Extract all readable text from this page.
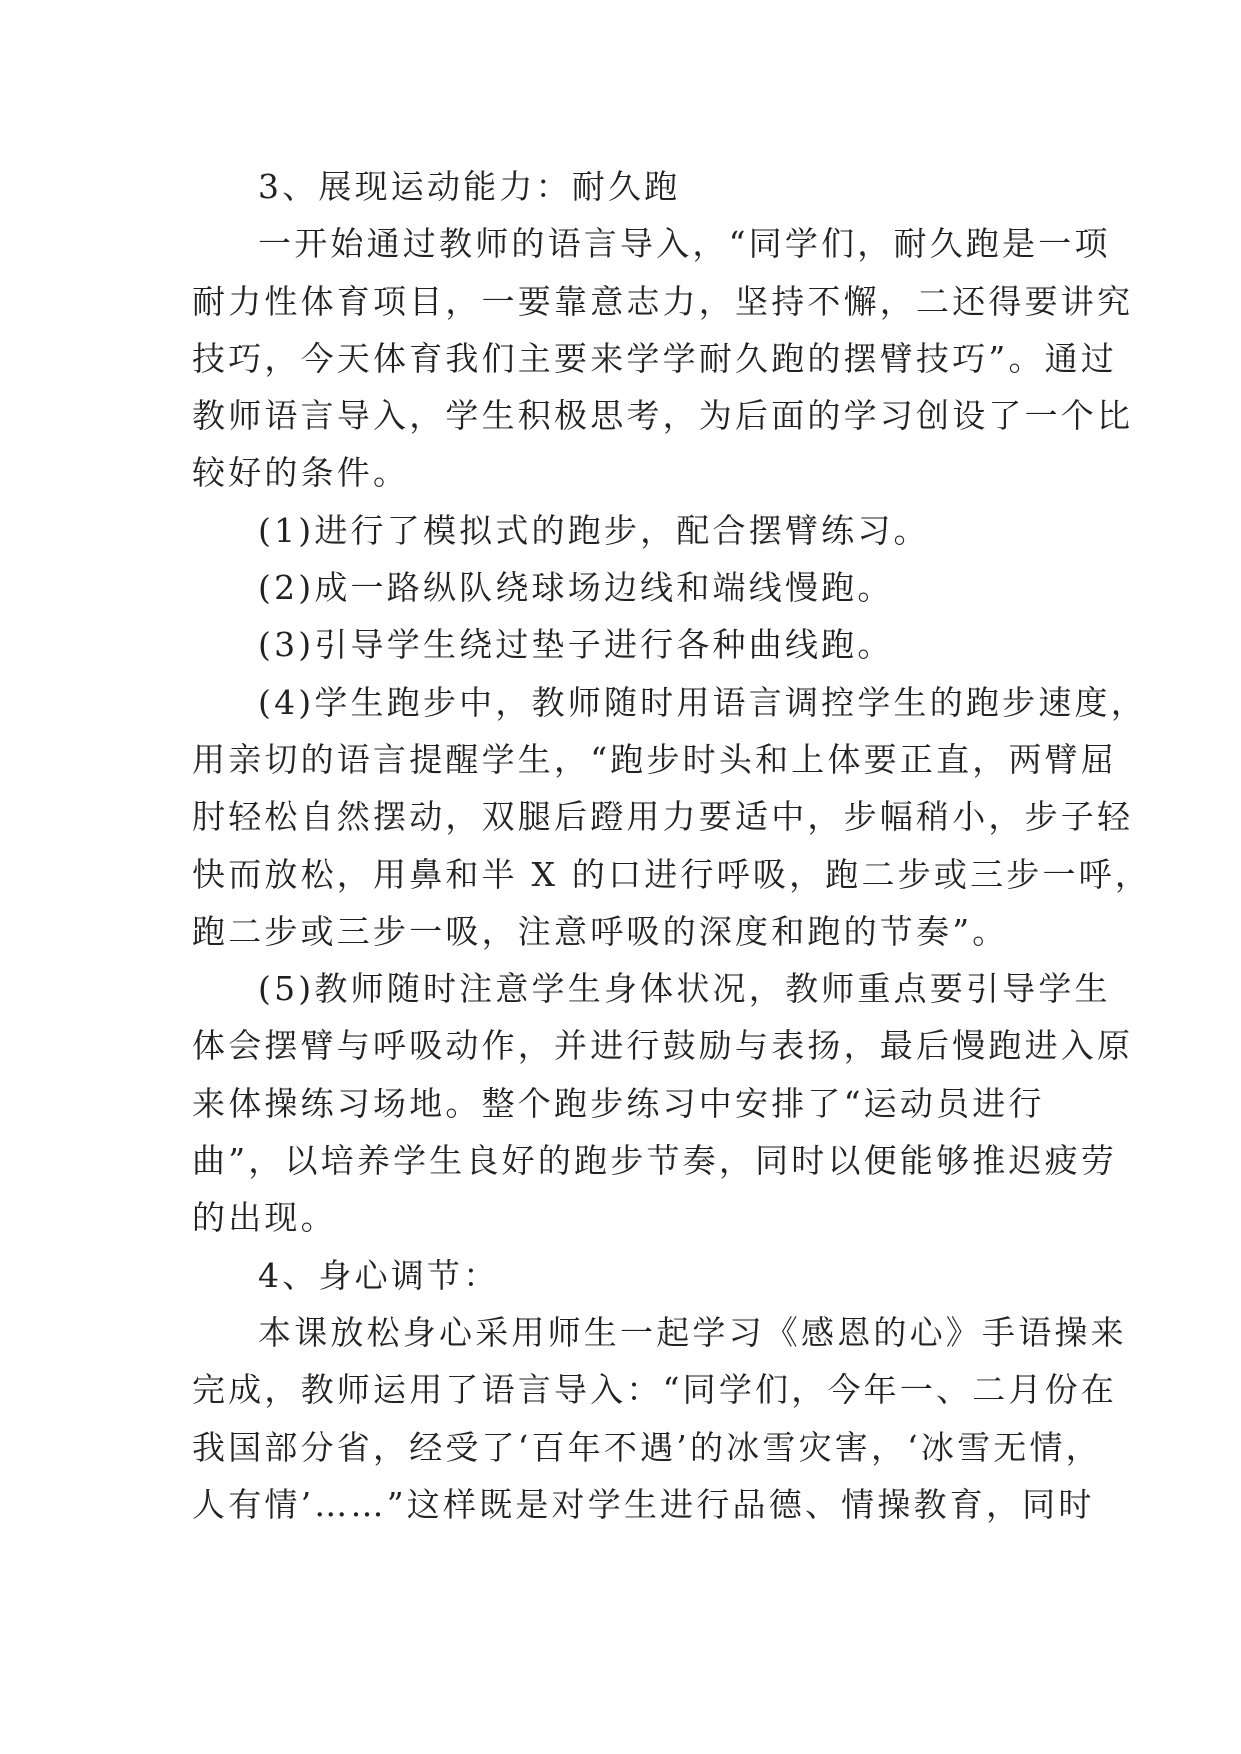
3、展现运动能力：耐久跑
一开始通过教师的语言导入，“同学们，耐久跑是一项
耐力性体育项目，一要靠意志力，坚持不懈，二还得要讲究
技巧，今天体育我们主要来学学耐久跑的摆臂技巧”。通过
教师语言导入，学生积极思考，为后面的学习创设了一个比
较好的条件。
(1)进行了模拟式的跑步，配合摆臂练习。
(2)成一路纵队绕球场边线和端线慢跑。
(3)引导学生绕过垫子进行各种曲线跑。
(4)学生跑步中，教师随时用语言调控学生的跑步速度，
用亲切的语言提醒学生，“跑步时头和上体要正直，两臂屈
肘轻松自然摆动，双腿后蹬用力要适中，步幅稍小，步子轻
快而放松，用鼻和半 X 的口进行呼吸，跑二步或三步一呼，
跑二步或三步一吸，注意呼吸的深度和跑的节奏”。
(5)教师随时注意学生身体状况，教师重点要引导学生
体会摆臂与呼吸动作，并进行鼓励与表扬，最后慢跑进入原
来体操练习场地。整个跑步练习中安排了“运动员进行
曲”，以培养学生良好的跑步节奏，同时以便能够推迟疲劳
的出现。
4、身心调节：
本课放松身心采用师生一起学习《感恩的心》手语操来
完成，教师运用了语言导入：“同学们，今年一、二月份在
我国部分省，经受了‘百年不遇’的冰雪灾害，‘冰雪无情，
人有情’……”这样既是对学生进行品德、情操教育，同时
